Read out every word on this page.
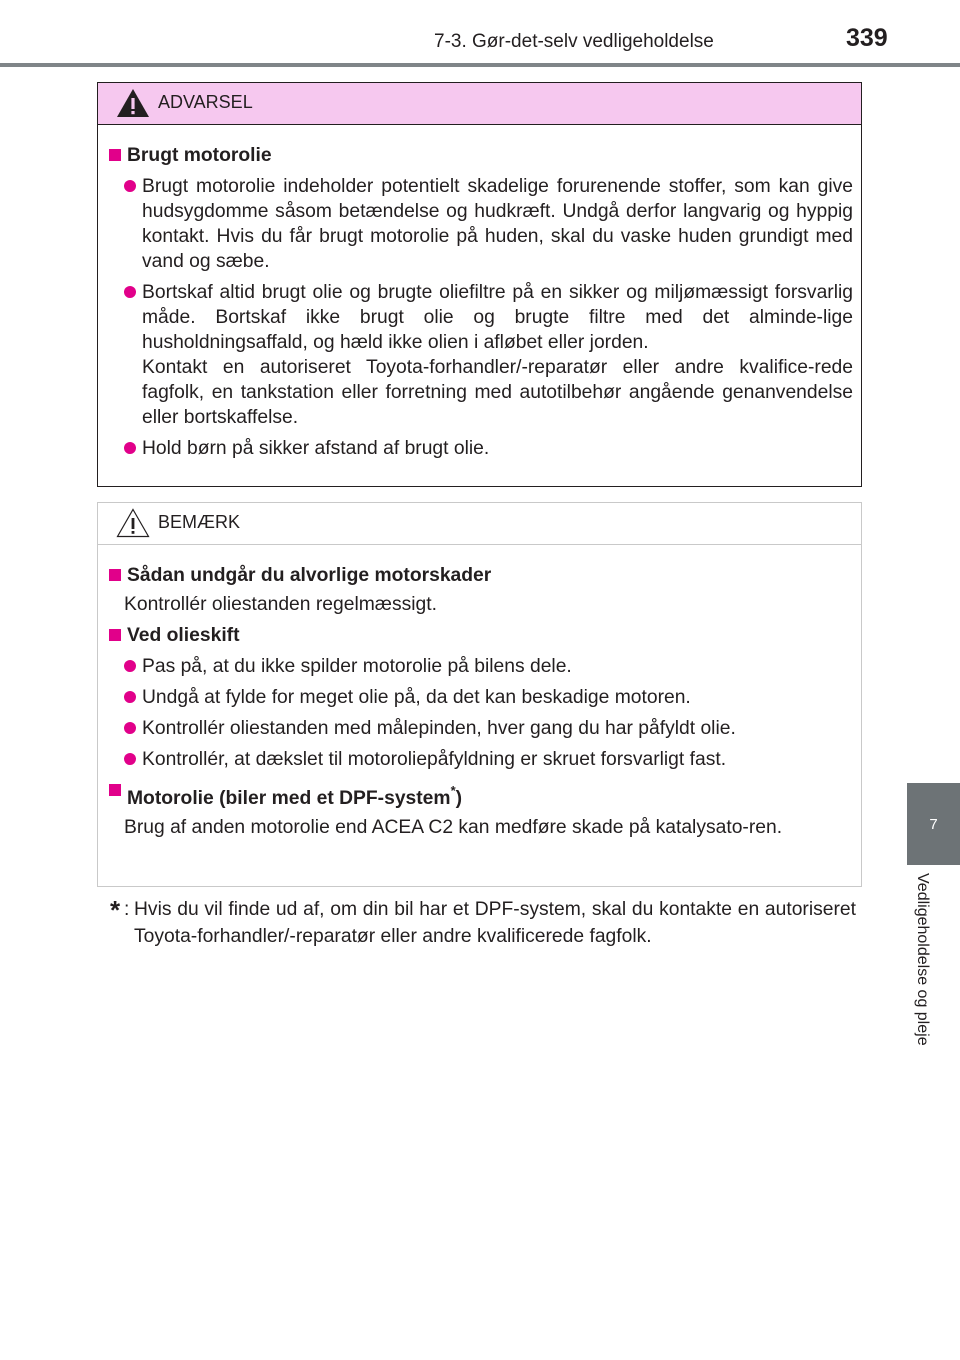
7-3. Gør-det-selv vedligeholdelse	339
7
Vedligeholdelse og pleje
ADVARSEL
Brugt motorolie
Brugt motorolie indeholder potentielt skadelige forurenende stoffer, som kan give hudsygdomme såsom betændelse og hudkræft. Undgå derfor langvarig og hyppig kontakt. Hvis du får brugt motorolie på huden, skal du vaske huden grundigt med vand og sæbe.
Bortskaf altid brugt olie og brugte oliefiltre på en sikker og miljømæssigt forsvarlig måde. Bortskaf ikke brugt olie og brugte filtre med det alminde-lige husholdningsaffald, og hæld ikke olien i afløbet eller jorden.
Kontakt en autoriseret Toyota-forhandler/-reparatør eller andre kvalifice-rede fagfolk, en tankstation eller forretning med autotilbehør angående genanvendelse eller bortskaffelse.
Hold børn på sikker afstand af brugt olie.
BEMÆRK
Sådan undgår du alvorlige motorskader
Kontrollér oliestanden regelmæssigt.
Ved olieskift
Pas på, at du ikke spilder motorolie på bilens dele.
Undgå at fylde for meget olie på, da det kan beskadige motoren.
Kontrollér oliestanden med målepinden, hver gang du har påfyldt olie.
Kontrollér, at dækslet til motoroliepåfyldning er skruet forsvarligt fast.
Motorolie (biler med et DPF-system*)
Brug af anden motorolie end ACEA C2 kan medføre skade på katalysato-ren.
* : Hvis du vil finde ud af, om din bil har et DPF-system, skal du kontakte en autoriseret Toyota-forhandler/-reparatør eller andre kvalificerede fagfolk.
